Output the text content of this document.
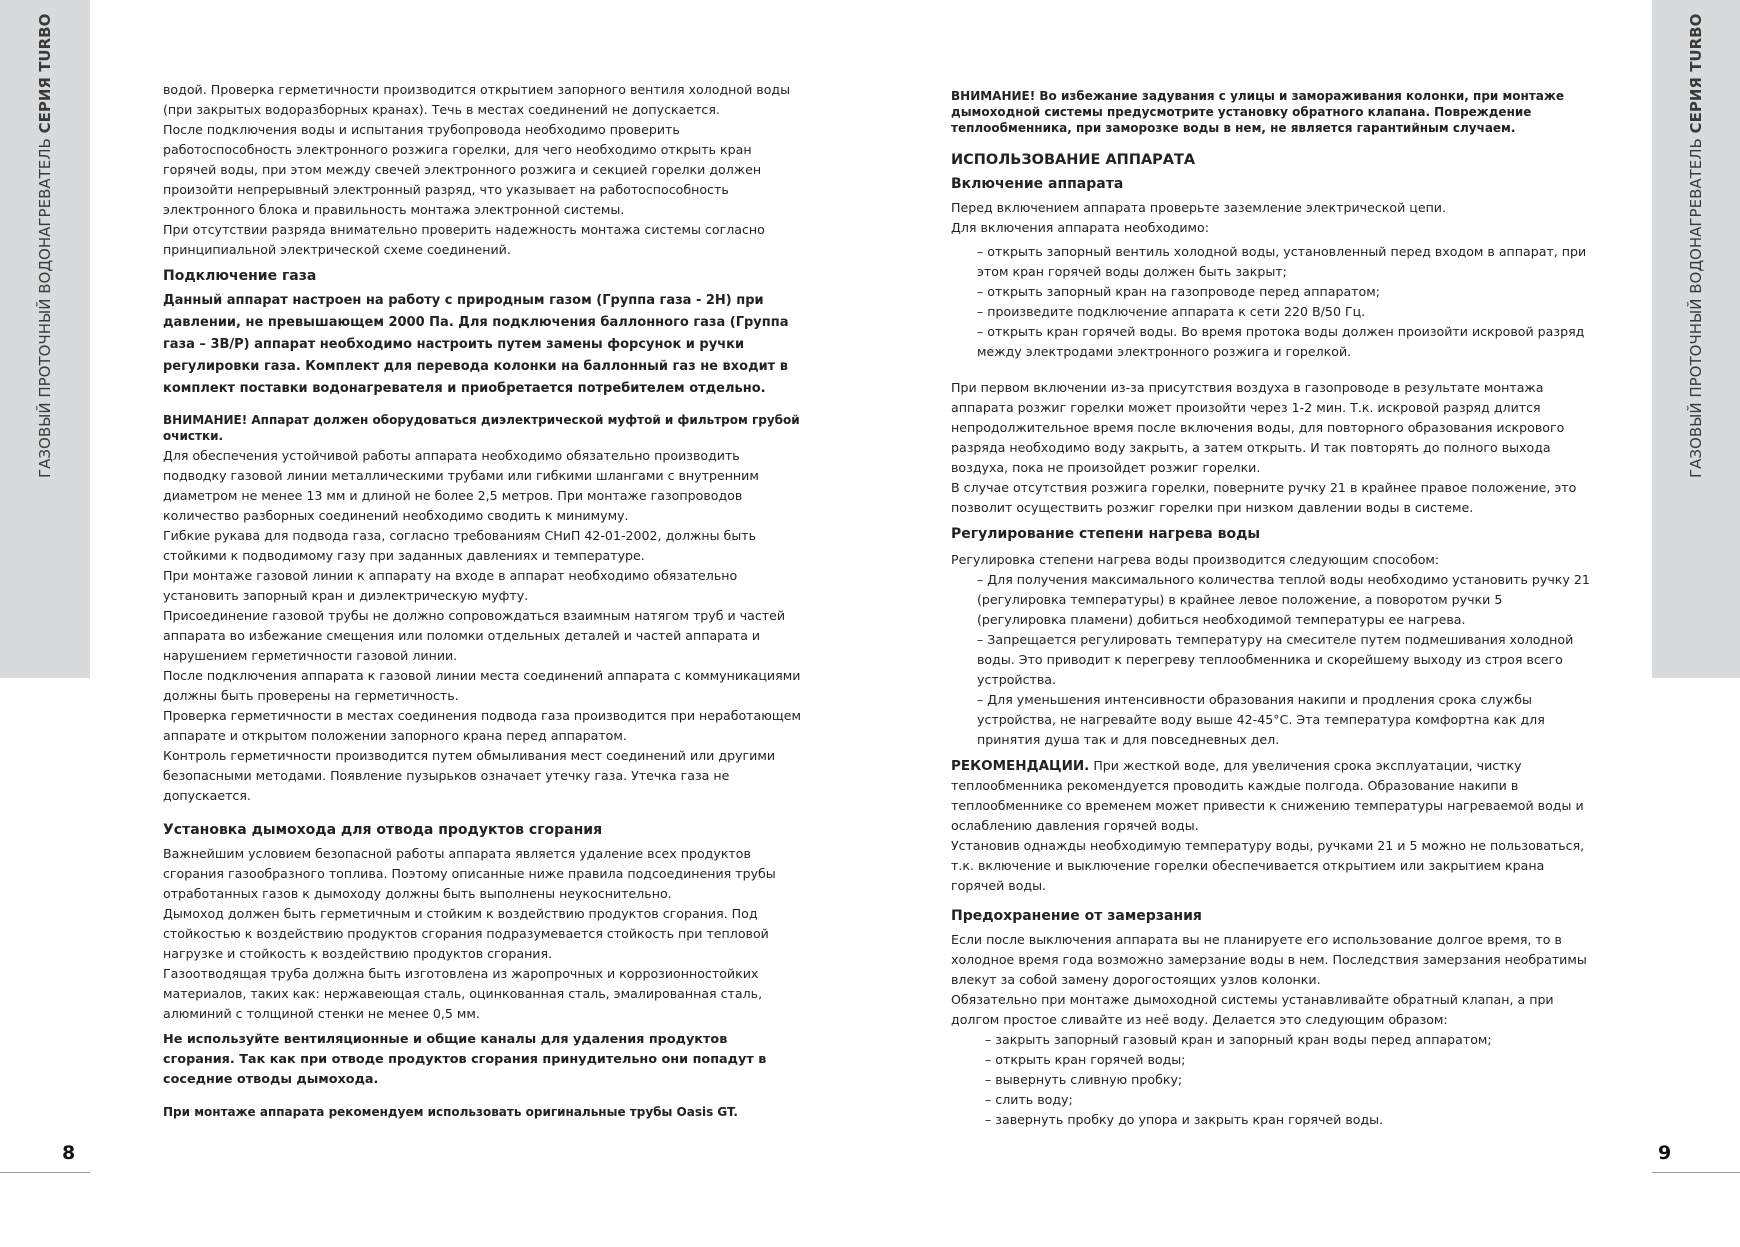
ГАЗОВЫЙ ПРОТОЧНЫЙ ВОДОНАГРЕВАТЕЛЬ СЕРИЯ TURBO
ГАЗОВЫЙ ПРОТОЧНЫЙ ВОДОНАГРЕВАТЕЛЬ СЕРИЯ TURBO
8	9

водой. Проверка герметичности производится открытием запорного вентиля холодной воды (при закрытых водоразборных кранах). Течь в местах соединений не допускается.

После подключения воды и испытания трубопровода необходимо проверить работоспособность электронного розжига горелки, для чего необходимо открыть кран горячей воды, при этом между свечей электронного розжига и секцией горелки должен произойти непрерывный электронный разряд, что указывает на работоспособность электронного блока и правильность монтажа электронной системы.

При отсутствии разряда внимательно проверить надежность монтажа системы согласно принципиальной электрической схеме соединений.

Подключение газа

Данный аппарат настроен на работу с природным газом (Группа газа - 2Н) при давлении, не превышающем 2000 Па. Для подключения баллонного газа (Группа газа – 3В/Р) аппарат необходимо настроить путем замены форсунок и ручки регулировки газа. Комплект для перевода колонки на баллонный газ не входит в комплект поставки водонагревателя и приобретается потребителем отдельно.

ВНИМАНИЕ! Аппарат должен оборудоваться диэлектрической муфтой и фильтром грубой очистки.

Для обеспечения устойчивой работы аппарата необходимо обязательно производить подводку газовой линии металлическими трубами или гибкими шлангами с внутренним диаметром не менее 13 мм и длиной не более 2,5 метров. При монтаже газопроводов количество разборных соединений необходимо сводить к минимуму.

Гибкие рукава для подвода газа, согласно требованиям СНиП 42-01-2002, должны быть стойкими к подводимому газу при заданных давлениях и температуре.

При монтаже газовой линии к аппарату на входе в аппарат необходимо обязательно установить запорный кран и диэлектрическую муфту.

Присоединение газовой трубы не должно сопровождаться взаимным натягом труб и частей аппарата во избежание смещения или поломки отдельных деталей и частей аппарата и нарушением герметичности газовой линии.

После подключения аппарата к газовой линии места соединений аппарата с коммуникациями должны быть проверены на герметичность.

Проверка герметичности в местах соединения подвода газа производится при неработающем аппарате и открытом положении запорного крана перед аппаратом.

Контроль герметичности производится путем обмыливания мест соединений или другими безопасными методами. Появление пузырьков означает утечку газа. Утечка газа не допускается.

Установка дымохода для отвода продуктов сгорания

Важнейшим условием безопасной работы аппарата является удаление всех продуктов сгорания газообразного топлива. Поэтому описанные ниже правила подсоединения трубы отработанных газов к дымоходу должны быть выполнены неукоснительно.

Дымоход должен быть герметичным и стойким к воздействию продуктов сгорания. Под стойкостью к воздействию продуктов сгорания подразумевается стойкость при тепловой нагрузке и стойкость к воздействию продуктов сгорания.

Газоотводящая труба должна быть изготовлена из жаропрочных и коррозионностойких материалов, таких как: нержавеющая сталь, оцинкованная сталь, эмалированная сталь, алюминий с толщиной стенки не менее 0,5 мм.

Не используйте вентиляционные и общие каналы для удаления продуктов сгорания. Так как при отводе продуктов сгорания принудительно они попадут в соседние отводы дымохода.

При монтаже аппарата рекомендуем использовать оригинальные трубы Oasis GT.

ВНИМАНИЕ! Во избежание задувания с улицы и замораживания колонки, при монтаже дымоходной системы предусмотрите установку обратного клапана. Повреждение теплообменника, при заморозке воды в нем, не является гарантийным случаем.

ИСПОЛЬЗОВАНИЕ АППАРАТА

Включение аппарата

Перед включением аппарата проверьте заземление электрической цепи.

Для включения аппарата необходимо:

– открыть запорный вентиль холодной воды, установленный перед входом в аппарат, при этом кран горячей воды должен быть закрыт;
– открыть запорный кран на газопроводе перед аппаратом;
– произведите подключение аппарата к сети 220 В/50 Гц.
– открыть кран горячей воды. Во время протока воды должен произойти искровой разряд между электродами электронного розжига и горелкой.

При первом включении из-за присутствия воздуха в газопроводе в результате монтажа аппарата розжиг горелки может произойти через 1-2 мин. Т.к. искровой разряд длится непродолжительное время после включения воды, для повторного образования искрового разряда необходимо воду закрыть, а затем открыть. И так повторять до полного выхода воздуха, пока не произойдет розжиг горелки.

В случае отсутствия розжига горелки, поверните ручку 21 в крайнее правое положение, это позволит осуществить розжиг горелки при низком давлении воды в системе.

Регулирование степени нагрева воды

Регулировка степени нагрева воды производится следующим способом:

– Для получения максимального количества теплой воды необходимо установить ручку 21 (регулировка температуры) в крайнее левое положение, а поворотом ручки 5 (регулировка пламени) добиться необходимой температуры ее нагрева.
– Запрещается регулировать температуру на смесителе путем подмешивания холодной воды. Это приводит к перегреву теплообменника и скорейшему выходу из строя всего устройства.
– Для уменьшения интенсивности образования накипи и продления срока службы устройства, не нагревайте воду выше 42-45°С. Эта температура комфортна как для принятия душа так и для повседневных дел.

РЕКОМЕНДАЦИИ. При жесткой воде, для увеличения срока эксплуатации, чистку теплообменника рекомендуется проводить каждые полгода. Образование накипи в теплообменнике со временем может привести к снижению температуры нагреваемой воды и ослаблению давления горячей воды.

Установив однажды необходимую температуру воды, ручками 21 и 5 можно не пользоваться, т.к. включение и выключение горелки обеспечивается открытием или закрытием крана горячей воды.

Предохранение от замерзания

Если после выключения аппарата вы не планируете его использование долгое время, то в холодное время года возможно замерзание воды в нем. Последствия замерзания необратимы влекут за собой замену дорогостоящих узлов колонки.

Обязательно при монтаже дымоходной системы устанавливайте обратный клапан, а при долгом простое сливайте из неё воду. Делается это следующим образом:

– закрыть запорный газовый кран и запорный кран воды перед аппаратом;
– открыть кран горячей воды;
– вывернуть сливную пробку;
– слить воду;
– завернуть пробку до упора и закрыть кран горячей воды.
